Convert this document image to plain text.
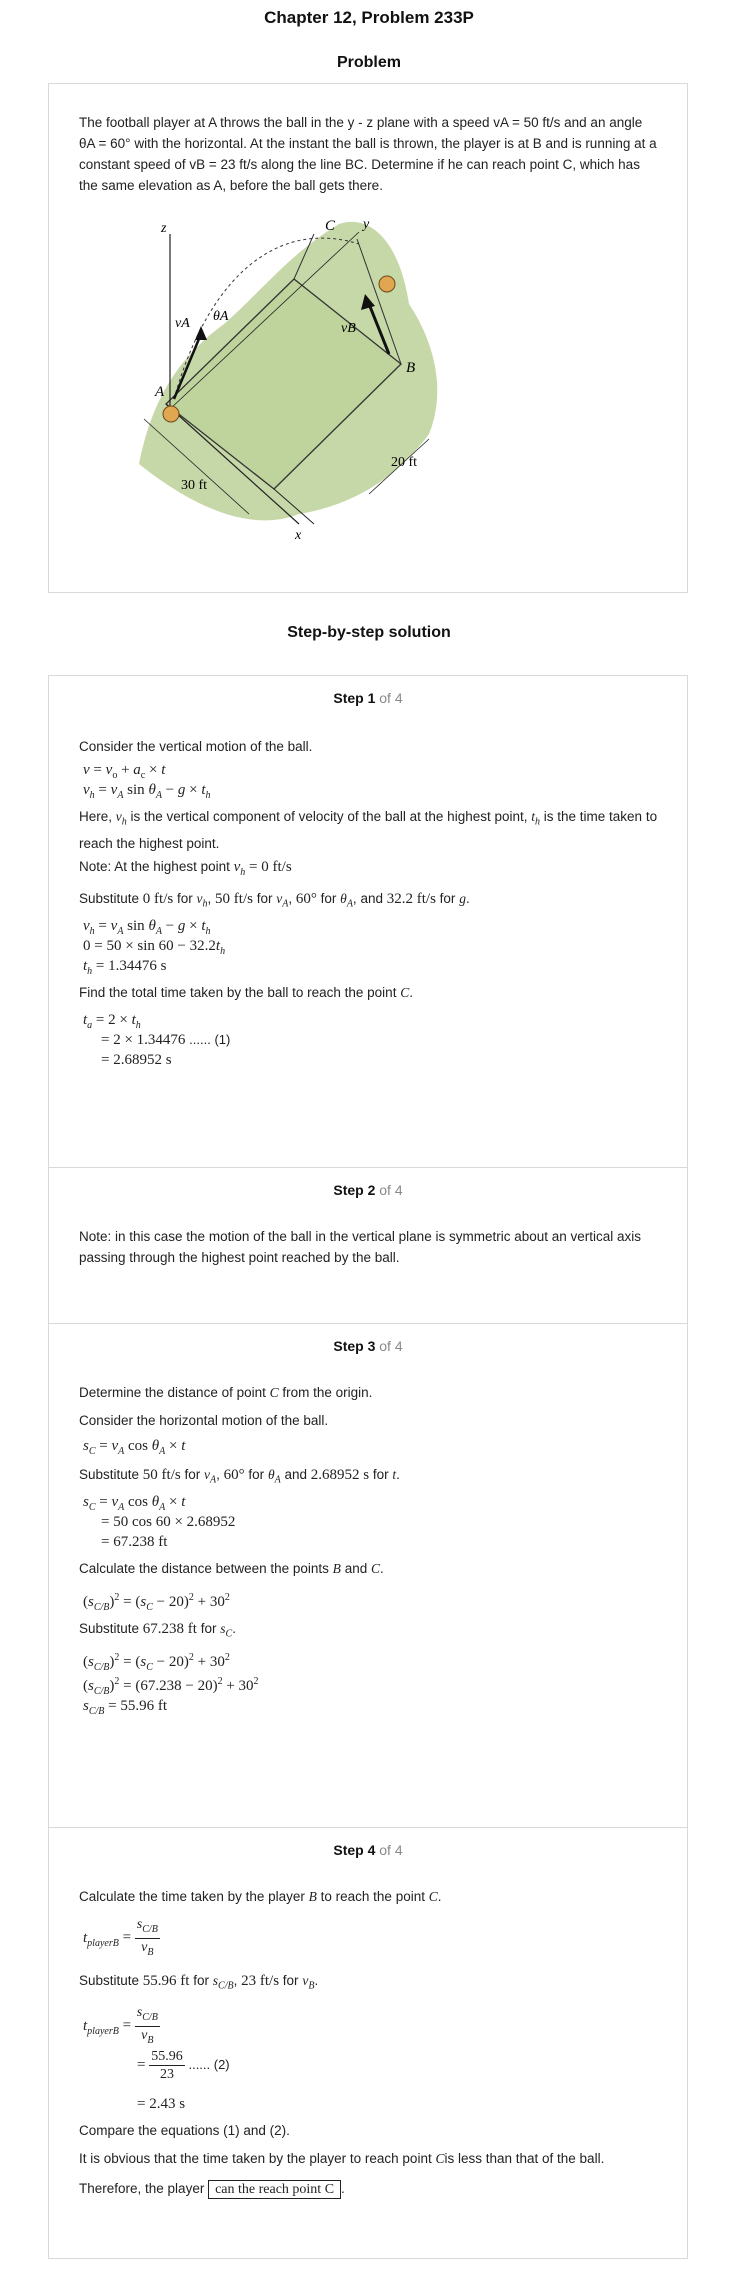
Chapter 12, Problem 233P
Problem
The football player at A throws the ball in the y - z plane with a speed vA = 50 ft/s and an angle θA = 60° with the horizontal. At the instant the ball is thrown, the player is at B and is running at a constant speed of vB = 23 ft/s along the line BC. Determine if he can reach point C, which has the same elevation as A, before the ball gets there.
z	y
x
C
A
B
vA θA
vB
30 ft
20 ft
Step-by-step solution
Step 1 of 4
Consider the vertical motion of the ball.
$v = v_o + a_c \times t$
$v_h = v_A$ $\sin \theta_A - g \times t_h$
Here, $v_h$ is the vertical component of velocity of the ball at the highest point, $t_h$ is the time taken to reach the highest point.
Note: At the highest point $v_h = 0$ ft/s
Substitute 0 ft/s for $v_h$, 50 ft/s for $v_A$, 60° for $\theta_A$, and 32.2 ft/s for g.
$v_h = v_A$ $\sin \theta_A - g \times t_h$
$0 = 50 \times \sin 60 - 32.2t_h$
$t_h = 1.34476$ s
Find the total time taken by the ball to reach the point C.
$t_a = 2 \times t_h$
= 2 × 1.34476 ...... (1)
= 2.68952 s
Step 2 of 4
Note: in this case the motion of the ball in the vertical plane is symmetric about an vertical axis passing through the highest point reached by the ball.
Step 3 of 4
Determine the distance of point C from the origin.
Consider the horizontal motion of the ball.
$s_C = v_A$ $\cos \theta_A \times t$
Substitute 50 ft/s for $v_A$, 60° for $\theta_A$ and 2.68952 s for t.
$s_C = v_A$ $\cos \theta_A \times t$
= 50 cos 60 × 2.68952
= 67.238 ft
Calculate the distance between the points B and C.
$(s_{C/B})^2 = (s_C - 20)^2 + 30^2$
Substitute 67.238 ft for $s_C$.
$(s_{C/B})^2 = (s_C - 20)^2 + 30^2$
$(s_{C/B})^2 = (67.238 - 20)^2 + 30^2$
$s_{C/B} = 55.96$ ft
Step 4 of 4
Calculate the time taken by the player B to reach the point C.
$t_{playerB} = \frac{s_{C/B}}{v_B}$
Substitute 55.96 ft for $s_{C/B}$, 23 ft/s for $v_B$.
$t_{playerB} = \frac{s_{C/B}}{v_B}$
= $\frac{55.96}{23}$ ...... (2)
= 2.43 s
Compare the equations (1) and (2).
It is obvious that the time taken by the player to reach point Cis less than that of the ball.
Therefore, the player can the reach point C .
